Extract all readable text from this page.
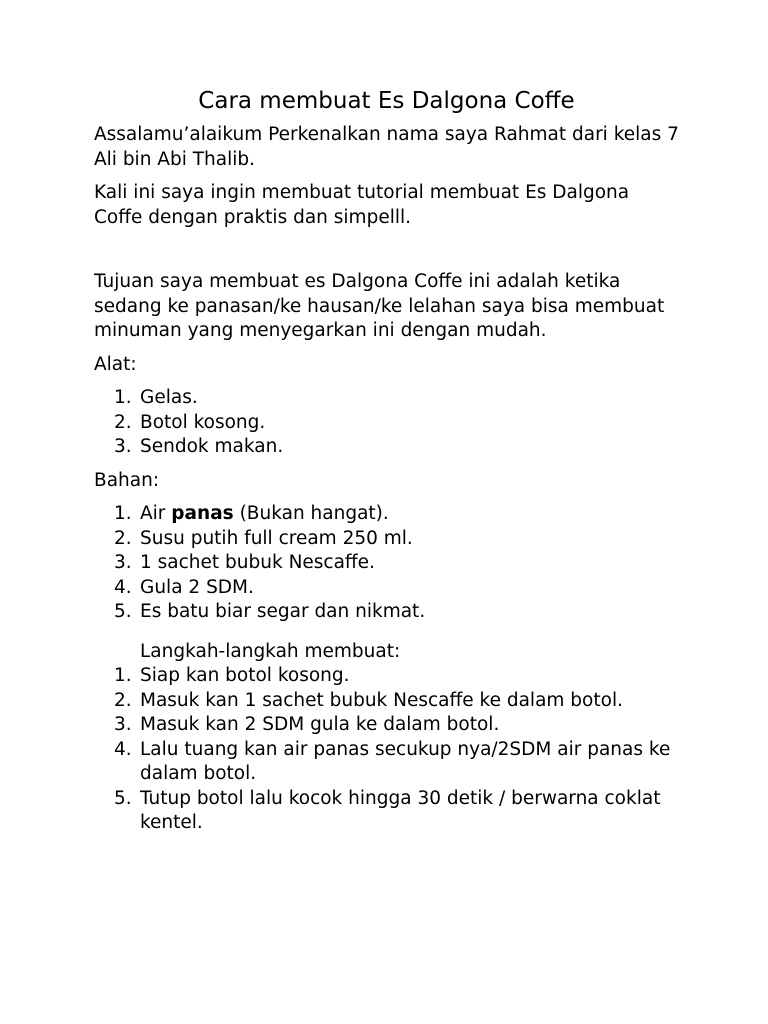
Cara membuat Es Dalgona Coffe

Assalamu’alaikum Perkenalkan nama saya Rahmat dari kelas 7 Ali bin Abi Thalib.

Kali ini saya ingin membuat tutorial membuat Es Dalgona Coffe dengan praktis dan simpelll.

Tujuan saya membuat es Dalgona Coffe ini adalah ketika sedang ke panasan/ke hausan/ke lelahan saya bisa membuat minuman yang menyegarkan ini dengan mudah.

Alat:

1. Gelas.
2. Botol kosong.
3. Sendok makan.

Bahan:

1. Air panas (Bukan hangat).
2. Susu putih full cream 250 ml.
3. 1 sachet bubuk Nescaffe.
4. Gula 2 SDM.
5. Es batu biar segar dan nikmat.

Langkah-langkah membuat:

1. Siap kan botol kosong.
2. Masuk kan 1 sachet bubuk Nescaffe ke dalam botol.
3. Masuk kan 2 SDM gula ke dalam botol.
4. Lalu tuang kan air panas secukup nya/2SDM air panas ke dalam botol.
5. Tutup botol lalu kocok hingga 30 detik / berwarna coklat kentel.
